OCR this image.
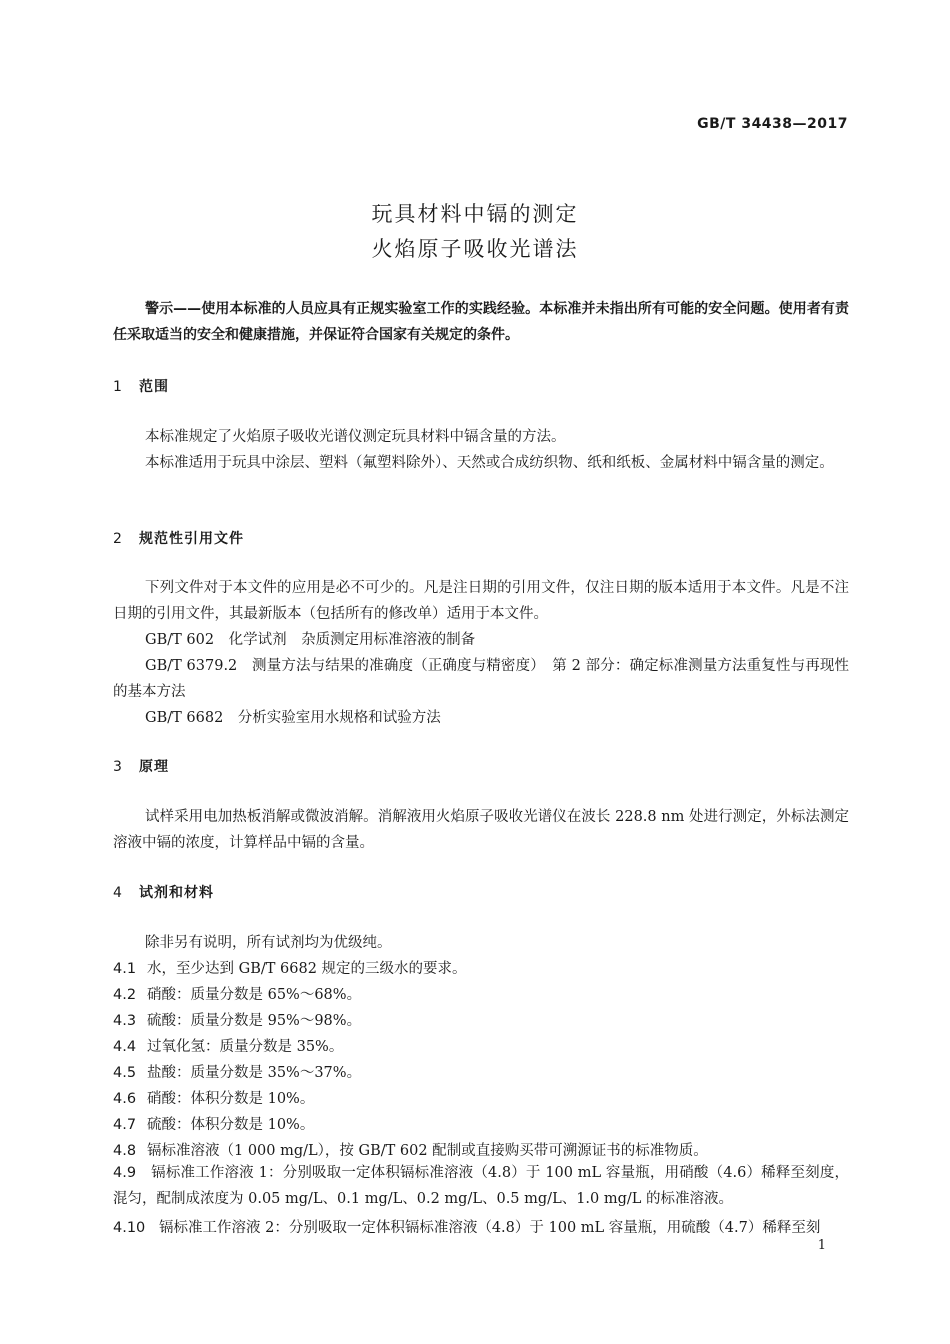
GB/T 34438—2017
玩具材料中镉的测定
火焰原子吸收光谱法
警示——使用本标准的人员应具有正规实验室工作的实践经验。本标准并未指出所有可能的安全问题。使用者有责任采取适当的安全和健康措施，并保证符合国家有关规定的条件。
1 范围
本标准规定了火焰原子吸收光谱仪测定玩具材料中镉含量的方法。
本标准适用于玩具中涂层、塑料（氟塑料除外）、天然或合成纺织物、纸和纸板、金属材料中镉含量的测定。
2 规范性引用文件
下列文件对于本文件的应用是必不可少的。凡是注日期的引用文件，仅注日期的版本适用于本文件。凡是不注日期的引用文件，其最新版本（包括所有的修改单）适用于本文件。
GB/T 602　化学试剂　杂质测定用标准溶液的制备
GB/T 6379.2　测量方法与结果的准确度（正确度与精密度）　第 2 部分：确定标准测量方法重复性与再现性的基本方法
GB/T 6682　分析实验室用水规格和试验方法
3 原理
试样采用电加热板消解或微波消解。消解液用火焰原子吸收光谱仪在波长 228.8 nm 处进行测定，外标法测定溶液中镉的浓度，计算样品中镉的含量。
4 试剂和材料
除非另有说明，所有试剂均为优级纯。
4.1 水，至少达到 GB/T 6682 规定的三级水的要求。
4.2 硝酸：质量分数是 65%～68%。
4.3 硫酸：质量分数是 95%～98%。
4.4 过氧化氢：质量分数是 35%。
4.5 盐酸：质量分数是 35%～37%。
4.6 硝酸：体积分数是 10%。
4.7 硫酸：体积分数是 10%。
4.8 镉标准溶液（1 000 mg/L），按 GB/T 602 配制或直接购买带可溯源证书的标准物质。
4.9 镉标准工作溶液 1：分别吸取一定体积镉标准溶液（4.8）于 100 mL 容量瓶，用硝酸（4.6）稀释至刻度，混匀，配制成浓度为 0.05 mg/L、0.1 mg/L、0.2 mg/L、0.5 mg/L、1.0 mg/L 的标准溶液。
4.10 镉标准工作溶液 2：分别吸取一定体积镉标准溶液（4.8）于 100 mL 容量瓶，用硫酸（4.7）稀释至刻
1
